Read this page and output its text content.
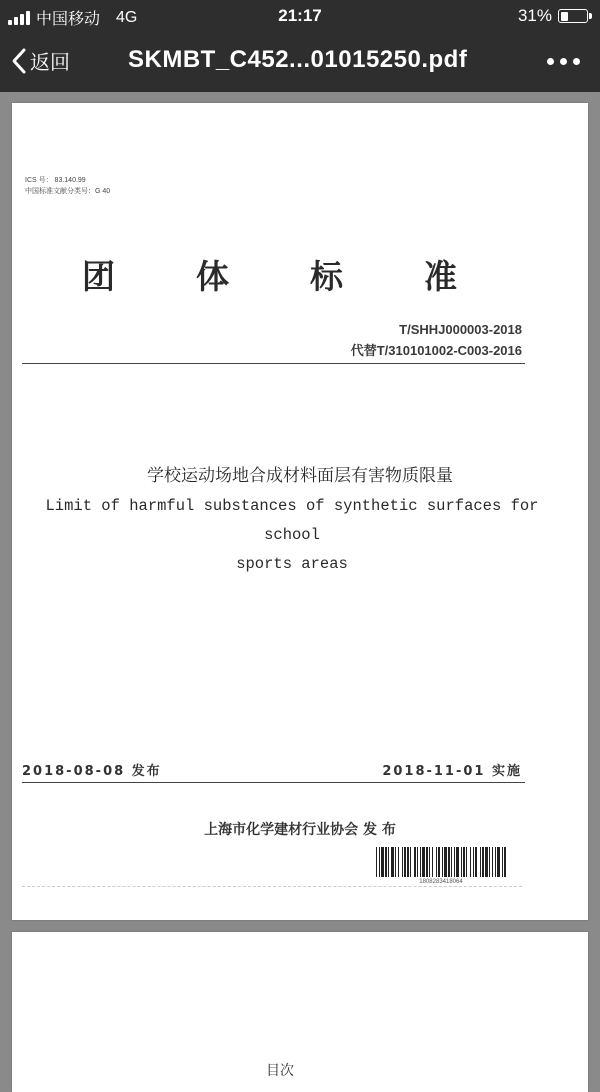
中国移动 4G	21:17	31%
返回 SKMBT_C452...01015250.pdf
ICS 号： 83.140.99
中国标准文献分类号：G 40
团 体 标 准
T/SHHJ000003-2018
代替T/310101002-C003-2016
学校运动场地合成材料面层有害物质限量
Limit of harmful substances of synthetic surfaces for school
sports areas
2018-08-08 发布	2018-11-01 实施
上海市化学建材行业协会 发 布
1808283418064
目次
